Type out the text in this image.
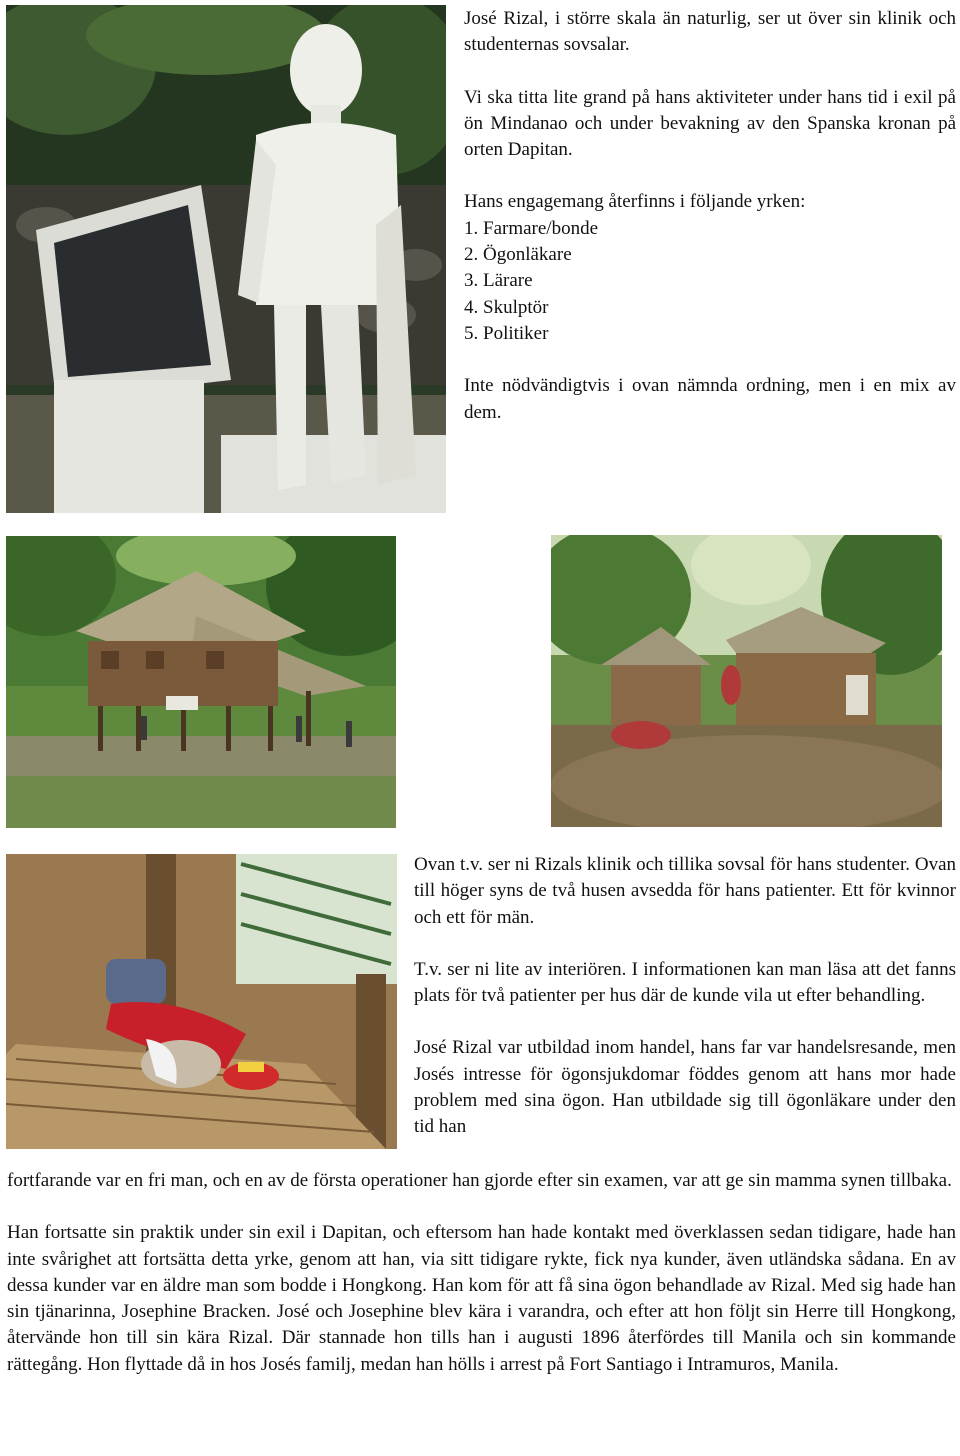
José Rizal, i större skala än naturlig, ser ut över sin klinik och studenternas sovsalar.

Vi ska titta lite grand på hans aktiviteter under hans tid i exil på ön Mindanao och under bevakning av den Spanska kronan på orten Dapitan.

Hans engagemang återfinns i följande yrken:

1. Farmare/bonde
2. Ögonläkare
3. Lärare
4. Skulptör
5. Politiker

Inte nödvändigtvis i ovan nämnda ordning, men i en mix av dem.

Ovan t.v. ser ni Rizals klinik och tillika sovsal för hans studenter. Ovan till höger syns de två husen avsedda för hans patienter. Ett för kvinnor och ett för män.

T.v. ser ni lite av interiören. I informationen kan man läsa att det fanns plats för två patienter per hus där de kunde vila ut efter behandling.

José Rizal var utbildad inom handel, hans far var handelsresande, men Josés intresse för ögonsjukdomar föddes genom att hans mor hade problem med sina ögon. Han utbildade sig till ögonläkare under den tid han

fortfarande var en fri man, och en av de första operationer han gjorde efter sin examen, var att ge sin mamma synen tillbaka.

Han fortsatte sin praktik under sin exil i Dapitan, och eftersom han hade kontakt med överklassen sedan tidigare, hade han inte svårighet att fortsätta detta yrke, genom att han, via sitt tidigare rykte, fick nya kunder, även utländska sådana. En av dessa kunder var en äldre man som bodde i Hongkong. Han kom för att få sina ögon behandlade av Rizal. Med sig hade han sin tjänarinna, Josephine Bracken. José och Josephine blev kära i varandra, och efter att hon följt sin Herre till Hongkong, återvände hon till sin kära Rizal. Där stannade hon tills han i augusti 1896 återfördes till Manila och sin kommande rättegång. Hon flyttade då in hos Josés familj, medan han hölls i arrest på Fort Santiago i Intramuros, Manila.
